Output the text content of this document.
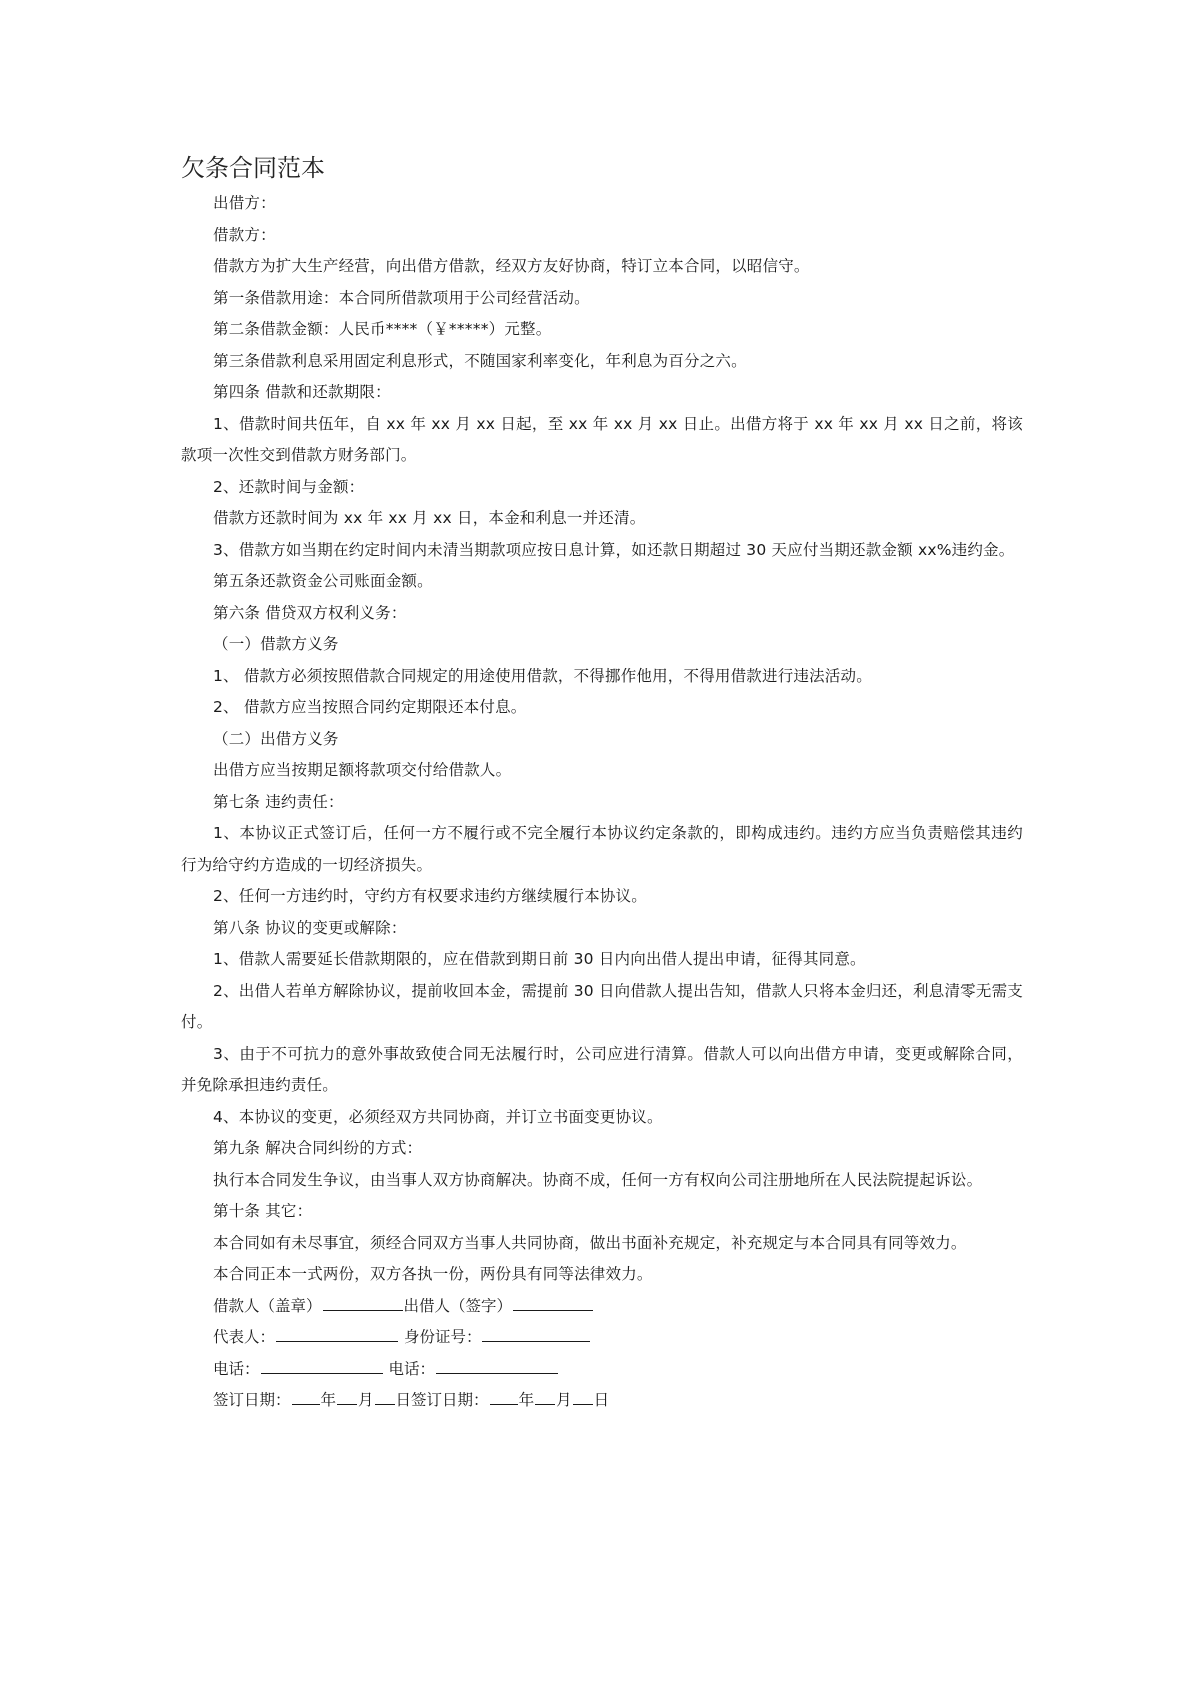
欠条合同范本

出借方：

借款方：

借款方为扩大生产经营，向出借方借款，经双方友好协商，特订立本合同，以昭信守。

第一条借款用途：本合同所借款项用于公司经营活动。

第二条借款金额：人民币****（￥*****）元整。

第三条借款利息采用固定利息形式，不随国家利率变化，年利息为百分之六。

第四条 借款和还款期限：

1、借款时间共伍年，自 xx 年 xx 月 xx 日起，至 xx 年 xx 月 xx 日止。出借方将于 xx 年 xx 月 xx 日之前，将该款项一次性交到借款方财务部门。

2、还款时间与金额：

借款方还款时间为 xx 年 xx 月 xx 日，本金和利息一并还清。

3、借款方如当期在约定时间内未清当期款项应按日息计算，如还款日期超过 30 天应付当期还款金额 xx%违约金。

第五条还款资金公司账面金额。

第六条 借贷双方权利义务：

（一）借款方义务

1、 借款方必须按照借款合同规定的用途使用借款，不得挪作他用，不得用借款进行违法活动。

2、 借款方应当按照合同约定期限还本付息。

（二）出借方义务

出借方应当按期足额将款项交付给借款人。

第七条 违约责任：

1、本协议正式签订后，任何一方不履行或不完全履行本协议约定条款的，即构成违约。违约方应当负责赔偿其违约行为给守约方造成的一切经济损失。

2、任何一方违约时，守约方有权要求违约方继续履行本协议。

第八条 协议的变更或解除：

1、借款人需要延长借款期限的，应在借款到期日前 30 日内向出借人提出申请，征得其同意。

2、出借人若单方解除协议，提前收回本金，需提前 30 日向借款人提出告知，借款人只将本金归还，利息清零无需支付。

3、由于不可抗力的意外事故致使合同无法履行时，公司应进行清算。借款人可以向出借方申请，变更或解除合同，并免除承担违约责任。

4、本协议的变更，必须经双方共同协商，并订立书面变更协议。

第九条 解决合同纠纷的方式：

执行本合同发生争议，由当事人双方协商解决。协商不成，任何一方有权向公司注册地所在人民法院提起诉讼。

第十条 其它：

本合同如有未尽事宜，须经合同双方当事人共同协商，做出书面补充规定，补充规定与本合同具有同等效力。

本合同正本一式两份，双方各执一份，两份具有同等法律效力。

借款人（盖章）	出借人（签字）

代表人：	身份证号：

电话：	电话：

签订日期： 年 月 日签订日期： 年 月 日
